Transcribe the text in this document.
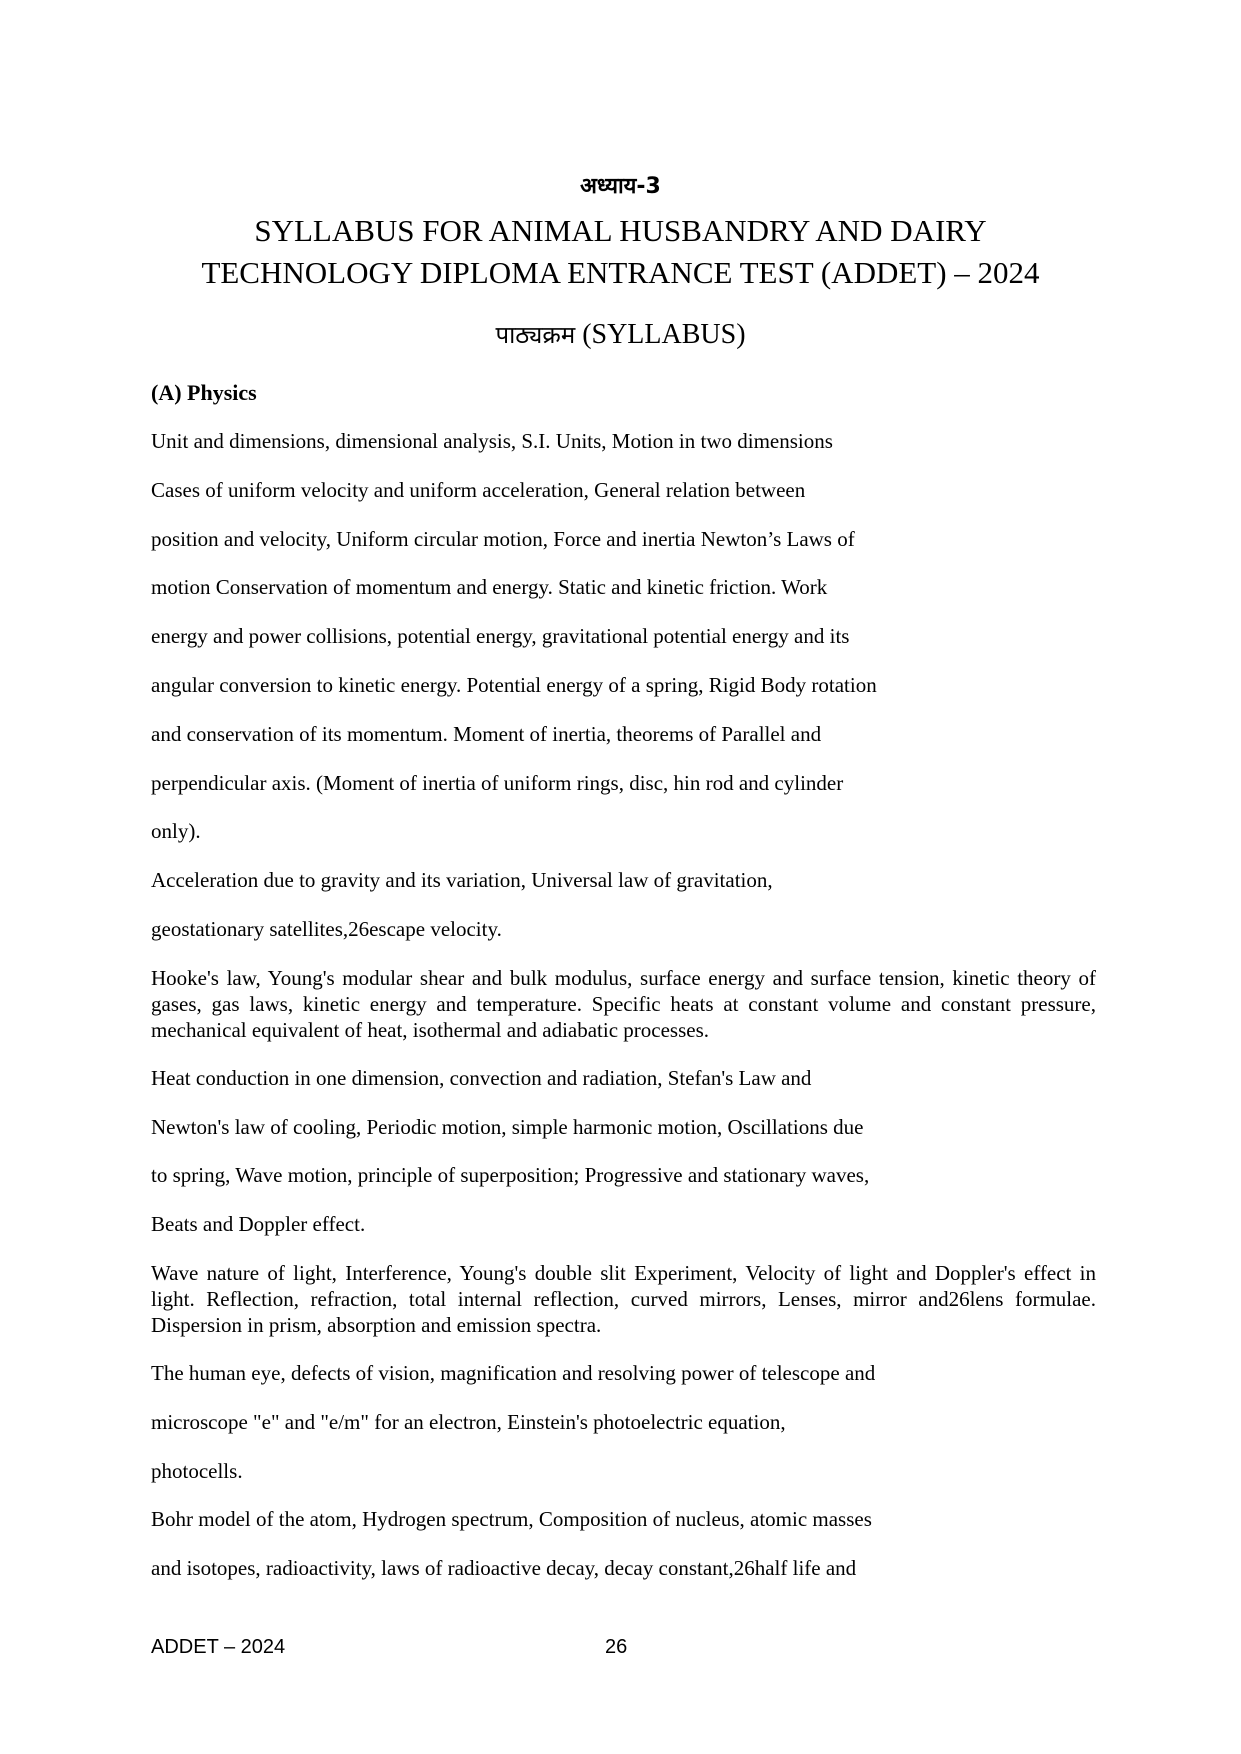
अध्याय-3
SYLLABUS FOR ANIMAL HUSBANDRY AND DAIRY
TECHNOLOGY DIPLOMA ENTRANCE TEST (ADDET) – 2024
पाठ्यक्रम (SYLLABUS)
(A) Physics
Unit and dimensions, dimensional analysis, S.I. Units, Motion in two dimensions
Cases of uniform velocity and uniform acceleration, General relation between
position and velocity, Uniform circular motion, Force and inertia Newton’s Laws of
motion Conservation of momentum and energy. Static and kinetic friction. Work
energy and power collisions, potential energy, gravitational potential energy and its
angular conversion to kinetic energy. Potential energy of a spring, Rigid Body rotation
and conservation of its momentum. Moment of inertia, theorems of Parallel and
perpendicular axis. (Moment of inertia of uniform rings, disc, hin rod and cylinder
only).
Acceleration due to gravity and its variation, Universal law of gravitation,
geostationary satellites,26escape velocity.
Hooke's law, Young's modular shear and bulk modulus, surface energy and surface tension, kinetic theory of gases, gas laws, kinetic energy and temperature. Specific heats at constant volume and constant pressure, mechanical equivalent of heat, isothermal and adiabatic processes.
Heat conduction in one dimension, convection and radiation, Stefan's Law and
Newton's law of cooling, Periodic motion, simple harmonic motion, Oscillations due
to spring, Wave motion, principle of superposition; Progressive and stationary waves,
Beats and Doppler effect.
Wave nature of light, Interference, Young's double slit Experiment, Velocity of light and Doppler's effect in light. Reflection, refraction, total internal reflection, curved mirrors, Lenses, mirror and26lens formulae. Dispersion in prism, absorption and emission spectra.
The human eye, defects of vision, magnification and resolving power of telescope and
microscope "e" and "e/m" for an electron, Einstein's photoelectric equation,
photocells.
Bohr model of the atom, Hydrogen spectrum, Composition of nucleus, atomic masses
and isotopes, radioactivity, laws of radioactive decay, decay constant,26half life and
ADDET – 2024	26
